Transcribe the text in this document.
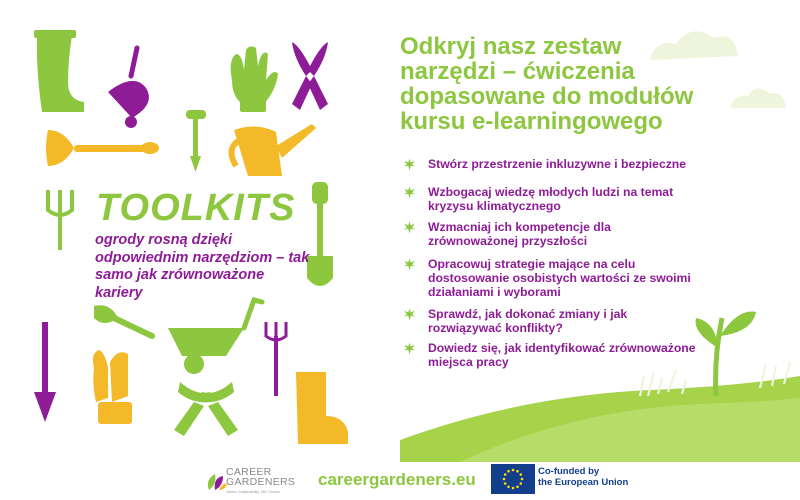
Odkryj nasz zestaw narzędzi – ćwiczenia dopasowane do modułów kursu e-learningowego
TOOLKITS
ogrody rosną dzięki odpowiednim narzędziom – tak samo jak zrównoważone kariery
Stwórz przestrzenie inkluzywne i bezpieczne
Wzbogacaj wiedzę młodych ludzi na temat kryzysu klimatycznego
Wzmacniaj ich kompetencje dla zrównoważonej przyszłości
Opracowuj strategie mające na celu dostosowanie osobistych wartości ze swoimi działaniami i wyborami
Sprawdź, jak dokonać zmiany i jak rozwiązywać konflikty?
Dowiedz się, jak identyfikować zrównoważone miejsca pracy
CAREER
GARDENERS
Values. Sustainability. Life Choices.
careergardeners.eu	Co-funded by
the European Union
